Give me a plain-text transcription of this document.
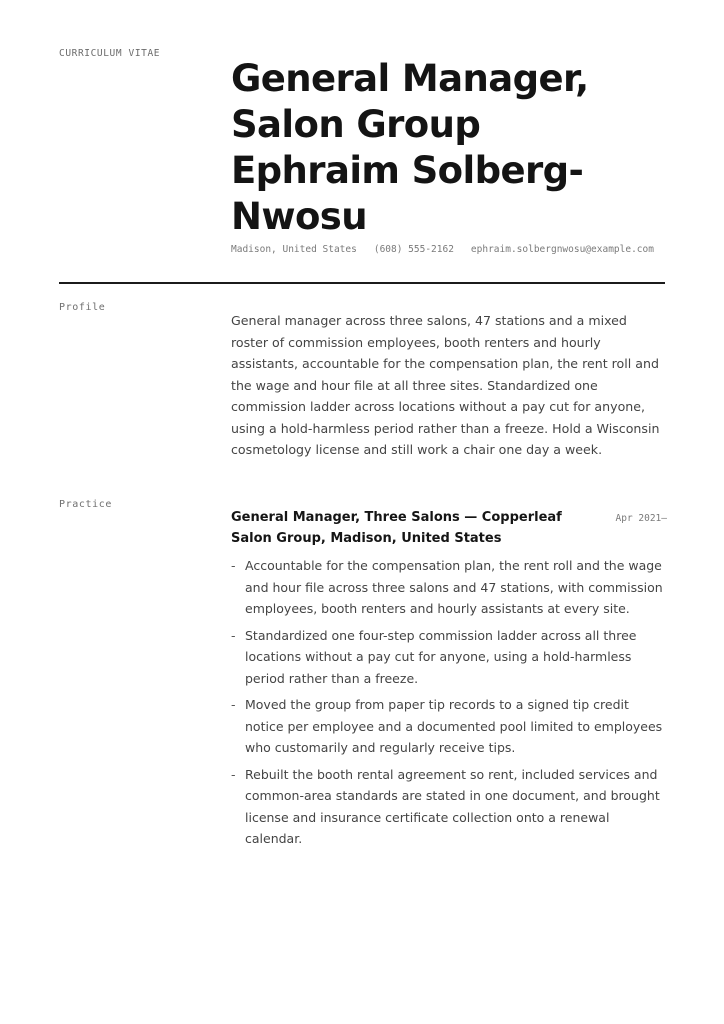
CURRICULUM VITAE
General Manager,
Salon Group
Ephraim Solberg-
Nwosu
Madison, United States (608) 555-2162 ephraim.solbergnwosu@example.com
Profile

General manager across three salons, 47 stations and a mixed roster of commission employees, booth renters and hourly assistants, accountable for the compensation plan, the rent roll and the wage and hour file at all three sites. Standardized one commission ladder across locations without a pay cut for anyone, using a hold-harmless period rather than a freeze. Hold a Wisconsin cosmetology license and still work a chair one day a week.

Practice

General Manager, Three Salons — Copperleaf Salon Group, Madison, United States

Apr 2021–
- Accountable for the compensation plan, the rent roll and the wage and hour file across three salons and 47 stations, with commission employees, booth renters and hourly assistants at every site.
- Standardized one four-step commission ladder across all three locations without a pay cut for anyone, using a hold-harmless period rather than a freeze.
- Moved the group from paper tip records to a signed tip credit notice per employee and a documented pool limited to employees who customarily and regularly receive tips.
- Rebuilt the booth rental agreement so rent, included services and common-area standards are stated in one document, and brought license and insurance certificate collection onto a renewal calendar.
